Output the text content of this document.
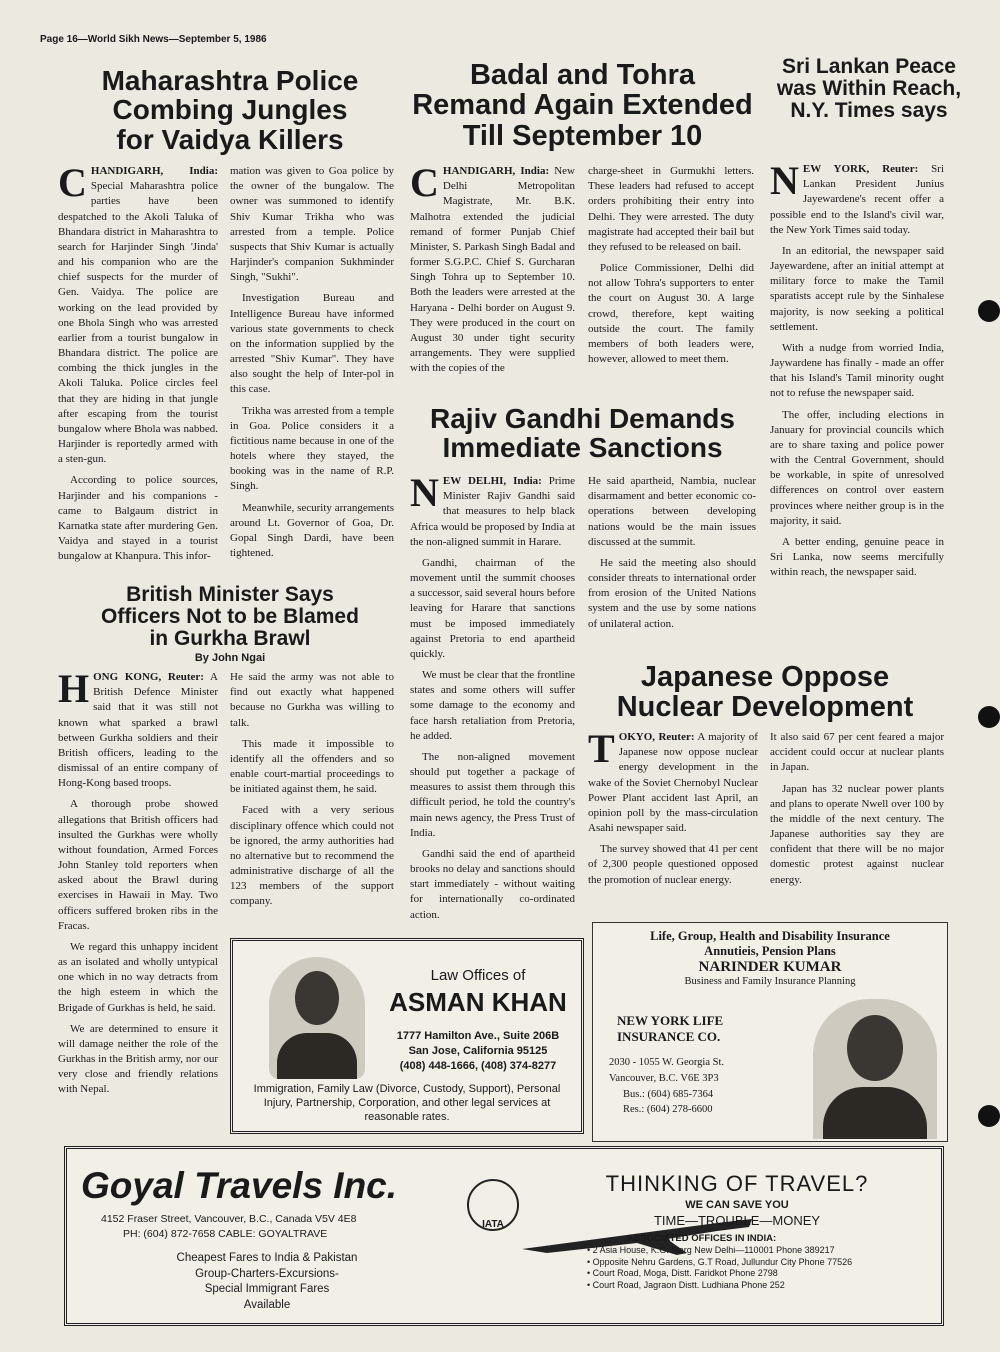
Page 16—World Sikh News—September 5, 1986
Maharashtra Police Combing Jungles for Vaidya Killers

CHANDIGARH, India: Special Maharashtra police parties have been despatched to the Akoli Taluka of Bhandara district in Maharashtra to search for Harjinder Singh 'Jinda' and his companion who are the chief suspects for the murder of Gen. Vaidya. The police are working on the lead provided by one Bhola Singh who was arrested earlier from a tourist bungalow in Bhandara district. The police are combing the thick jungles in the Akoli Taluka. Police circles feel that they are hiding in that jungle after escaping from the tourist bungalow where Bhola was nabbed. Harjinder is reportedly armed with a sten-gun.

According to police sources, Harjinder and his companions - came to Balgaum district in Karnatka state after murdering Gen. Vaidya and stayed in a tourist bungalow at Khanpura. This infor-

mation was given to Goa police by the owner of the bungalow. The owner was summoned to identify Shiv Kumar Trikha who was arrested from a temple. Police suspects that Shiv Kumar is actually Harjinder's companion Sukhminder Singh, "Sukhi".

Investigation Bureau and Intelligence Bureau have informed various state governments to check on the information supplied by the arrested "Shiv Kumar". They have also sought the help of Inter-pol in this case.

Trikha was arrested from a temple in Goa. Police considers it a fictitious name because in one of the hotels where they stayed, the booking was in the name of R.P. Singh.

Meanwhile, security arrangements around Lt. Governor of Goa, Dr. Gopal Singh Dardi, have been tightened.

Badal and Tohra Remand Again Extended Till September 10

CHANDIGARH, India: New Delhi Metropolitan Magistrate, Mr. B.K. Malhotra extended the judicial remand of former Punjab Chief Minister, S. Parkash Singh Badal and former S.G.P.C. Chief S. Gurcharan Singh Tohra up to September 10. Both the leaders were arrested at the Haryana - Delhi border on August 9. They were produced in the court on August 30 under tight security arrangements. They were supplied with the copies of the

charge-sheet in Gurmukhi letters. These leaders had refused to accept orders prohibiting their entry into Delhi. They were arrested. The duty magistrate had accepted their bail but they refused to be released on bail.

Police Commissioner, Delhi did not allow Tohra's supporters to enter the court on August 30. A large crowd, therefore, kept waiting outside the court. The family members of both leaders were, however, allowed to meet them.

Sri Lankan Peace was Within Reach, N.Y. Times says

NEW YORK, Reuter: Sri Lankan President Junius Jayewardene's recent offer a possible end to the Island's civil war, the New York Times said today.

In an editorial, the newspaper said Jayewardene, after an initial attempt at military force to make the Tamil sparatists accept rule by the Sinhalese majority, is now seeking a political settlement.

With a nudge from worried India, Jaywardene has finally - made an offer that his Island's Tamil minority ought not to refuse the newspaper said.

The offer, including elections in January for provincial councils which are to share taxing and police power with the Central Government, should be workable, in spite of unresolved differences on control over eastern provinces where neither group is in the majority, it said.

A better ending, genuine peace in Sri Lanka, now seems mercifully within reach, the newspaper said.

Rajiv Gandhi Demands Immediate Sanctions

NEW DELHI, India: Prime Minister Rajiv Gandhi said that measures to help black Africa would be proposed by India at the non-aligned summit in Harare.

Gandhi, chairman of the movement until the summit chooses a successor, said several hours before leaving for Harare that sanctions must be imposed immediately against Pretoria to end apartheid quickly.

We must be clear that the frontline states and some others will suffer some damage to the economy and face harsh retaliation from Pretoria, he added.

The non-aligned movement should put together a package of measures to assist them through this difficult period, he told the country's main news agency, the Press Trust of India.

Gandhi said the end of apartheid brooks no delay and sanctions should start immediately - without waiting for internationally co-ordinated action.

He said apartheid, Nambia, nuclear disarmament and better economic co-operations between developing nations would be the main issues discussed at the summit.

He said the meeting also should consider threats to international order from erosion of the United Nations system and the use by some nations of unilateral action.

British Minister Says Officers Not to be Blamed in Gurkha Brawl
By John Ngai

HONG KONG, Reuter: A British Defence Minister said that it was still not known what sparked a brawl between Gurkha soldiers and their British officers, leading to the dismissal of an entire company of Hong-Kong based troops.

A thorough probe showed allegations that British officers had insulted the Gurkhas were wholly without foundation, Armed Forces John Stanley told reporters when asked about the Brawl during exercises in Hawaii in May. Two officers suffered broken ribs in the Fracas.

We regard this unhappy incident as an isolated and wholly untypical one which in no way detracts from the high esteem in which the Brigade of Gurkhas is held, he said.

We are determined to ensure it will damage neither the role of the Gurkhas in the British army, nor our very close and friendly relations with Nepal.

He said the army was not able to find out exactly what happened because no Gurkha was willing to talk.

This made it impossible to identify all the offenders and so enable court-martial proceedings to be initiated against them, he said.

Faced with a very serious disciplinary offence which could not be ignored, the army authorities had no alternative but to recommend the administrative discharge of all the 123 members of the support company.

Japanese Oppose Nuclear Development

TOKYO, Reuter: A majority of Japanese now oppose nuclear energy development in the wake of the Soviet Chernobyl Nuclear Power Plant accident last April, an opinion poll by the mass-circulation Asahi newspaper said.

The survey showed that 41 per cent of 2,300 people questioned opposed the promotion of nuclear energy.

It also said 67 per cent feared a major accident could occur at nuclear plants in Japan.

Japan has 32 nuclear power plants and plans to operate Nwell over 100 by the middle of the next century. The Japanese authorities say they are confident that there will be no major domestic protest against nuclear energy.

Law Offices of
ASMAN KHAN
1777 Hamilton Ave., Suite 206B
San Jose, California 95125
(408) 448-1666, (408) 374-8277
Immigration, Family Law (Divorce, Custody, Support), Personal Injury, Partnership, Corporation, and other legal services at reasonable rates.
Life, Group, Health and Disability Insurance
Annutieis, Pension Plans
NARINDER KUMAR
Business and Family Insurance Planning
NEW YORK LIFE
INSURANCE CO.
2030 - 1055 W. Georgia St.
Vancouver, B.C. V6E 3P3
Bus.: (604) 685-7364
Res.: (604) 278-6600
Goyal Travels Inc.
4152 Fraser Street, Vancouver, B.C., Canada V5V 4E8
PH: (604) 872-7658 CABLE: GOYALTRAVE
Cheapest Fares to India & Pakistan
Group-Charters-Excursions-
Special Immigrant Fares
Available
IATA
THINKING OF TRAVEL?
WE CAN SAVE YOU
TIME—TROUBLE—MONEY
ASSOCIATED OFFICES IN INDIA:
• 2 Asia House, K.G. Marg New Delhi—110001 Phone 389217
• Opposite Nehru Gardens, G.T Road, Jullundur City Phone 77526
• Court Road, Moga, Distt. Faridkot Phone 2798
• Court Road, Jagraon Distt. Ludhiana Phone 252
